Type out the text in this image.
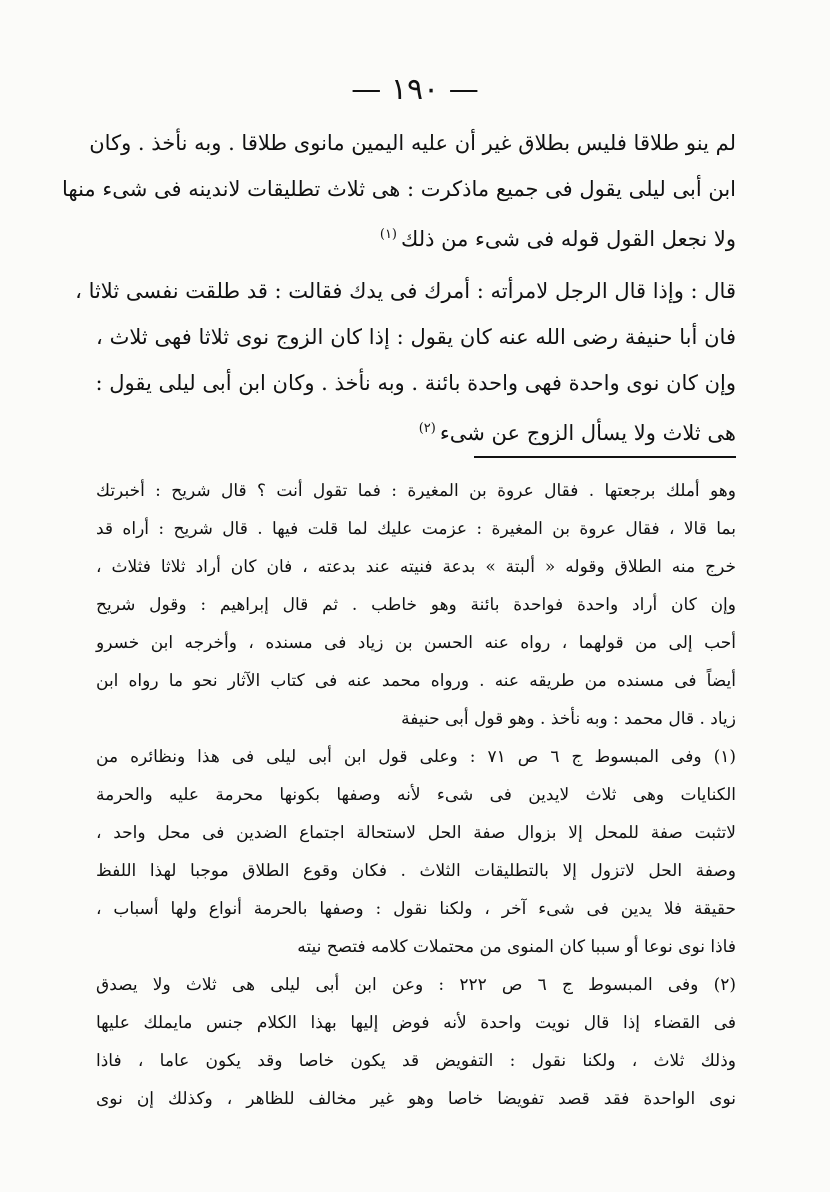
— ١٩٠ —
لم ينو طلاقا فليس بطلاق غير أن عليه اليمين مانوى طلاقا . وبه نأخذ . وكان
ابن أبى ليلى يقول فى جميع ماذكرت : هى ثلاث تطليقات لاندينه فى شىء منها
ولا نجعل القول قوله فى شىء من ذلك$^{(١)}$
قال : وإذا قال الرجل لامرأته : أمرك فى يدك فقالت : قد طلقت نفسى ثلاثا ،
فان أبا حنيفة رضى الله عنه كان يقول : إذا كان الزوج نوى ثلاثا فهى ثلاث ،
وإن كان نوى واحدة فهى واحدة بائنة . وبه نأخذ . وكان ابن أبى ليلى يقول :
هى ثلاث ولا يسأل الزوج عن شىء$^{(٢)}$
وهو أملك برجعتها . فقال عروة بن المغيرة : فما تقول أنت ؟ قال شريح : أخبرتك
بما قالا ، فقال عروة بن المغيرة : عزمت عليك لما قلت فيها . قال شريح : أراه قد
خرج منه الطلاق وقوله « ألبتة » بدعة فنيته عند بدعته ، فان كان أراد ثلاثا فثلاث ،
وإن كان أراد واحدة فواحدة بائنة وهو خاطب . ثم قال إبراهيم : وقول شريح
أحب إلى من قولهما ، رواه عنه الحسن بن زياد فى مسنده ، وأخرجه ابن خسرو
أيضاً فى مسنده من طريقه عنه . ورواه محمد عنه فى كتاب الآثار نحو ما رواه ابن
زياد . قال محمد : وبه نأخذ . وهو قول أبى حنيفة
(١) وفى المبسوط ج ٦ ص ٧١ : وعلى قول ابن أبى ليلى فى هذا ونظائره من
الكنايات وهى ثلاث لايدين فى شىء لأنه وصفها بكونها محرمة عليه والحرمة
لاتثبت صفة للمحل إلا بزوال صفة الحل لاستحالة اجتماع الضدين فى محل واحد ،
وصفة الحل لاتزول إلا بالتطليقات الثلاث . فكان وقوع الطلاق موجبا لهذا اللفظ
حقيقة فلا يدين فى شىء آخر ، ولكنا نقول : وصفها بالحرمة أنواع ولها أسباب ،
فاذا نوى نوعا أو سببا كان المنوى من محتملات كلامه فتصح نيته
(٢) وفى المبسوط ج ٦ ص ٢٢٢ : وعن ابن أبى ليلى هى ثلاث ولا يصدق
فى القضاء إذا قال نويت واحدة لأنه فوض إليها بهذا الكلام جنس مايملك عليها
وذلك ثلاث ، ولكنا نقول : التفويض قد يكون خاصا وقد يكون عاما ، فاذا
نوى الواحدة فقد قصد تفويضا خاصا وهو غير مخالف للظاهر ، وكذلك إن نوى
